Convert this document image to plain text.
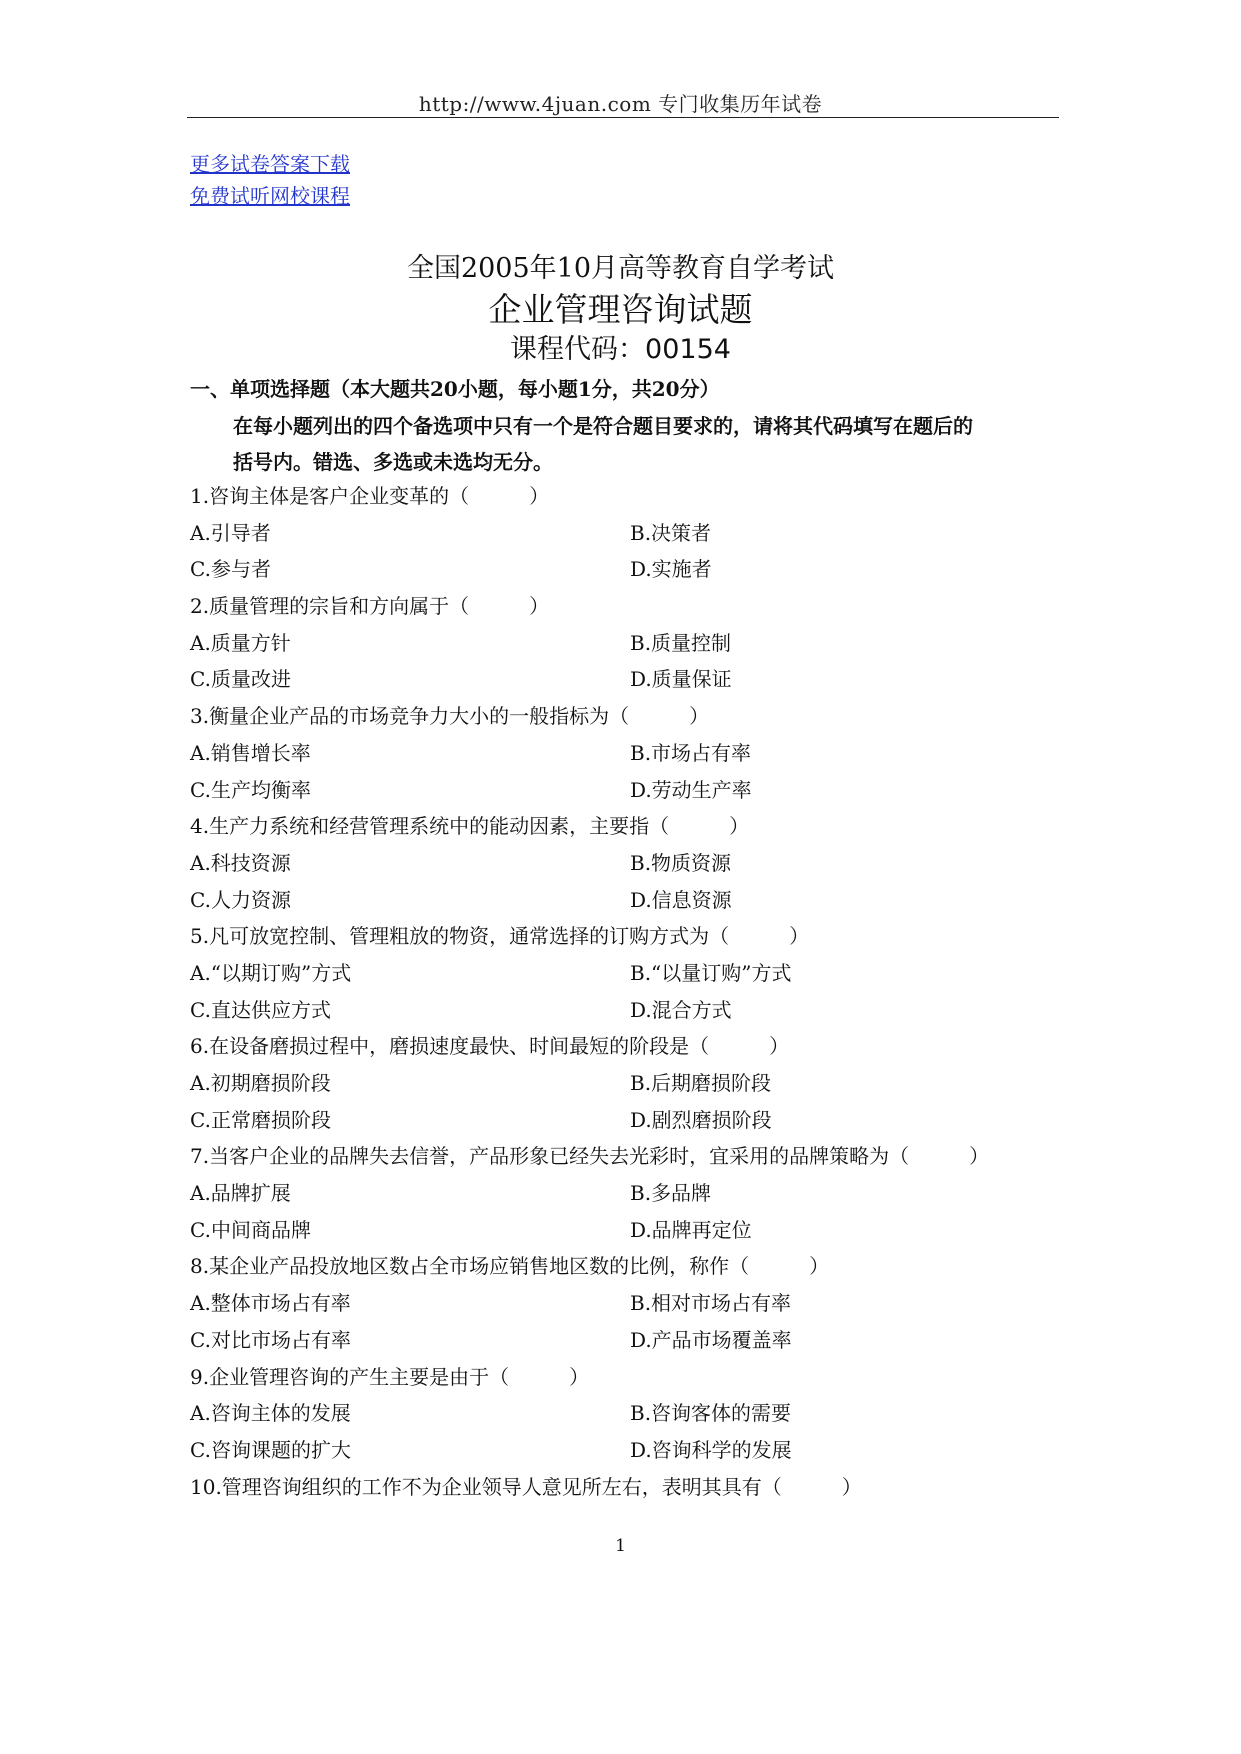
http://www.4juan.com 专门收集历年试卷
更多试卷答案下载
免费试听网校课程
全国2005年10月高等教育自学考试
企业管理咨询试题
课程代码：00154
一、单项选择题（本大题共20小题，每小题1分，共20分）
在每小题列出的四个备选项中只有一个是符合题目要求的，请将其代码填写在题后的
括号内。错选、多选或未选均无分。
1.咨询主体是客户企业变革的（　　　）
A.引导者	B.决策者
C.参与者	D.实施者
2.质量管理的宗旨和方向属于（　　　）
A.质量方针	B.质量控制
C.质量改进	D.质量保证
3.衡量企业产品的市场竞争力大小的一般指标为（　　　）
A.销售增长率	B.市场占有率
C.生产均衡率	D.劳动生产率
4.生产力系统和经营管理系统中的能动因素，主要指（　　　）
A.科技资源	B.物质资源
C.人力资源	D.信息资源
5.凡可放宽控制、管理粗放的物资，通常选择的订购方式为（　　　）
A.“以期订购”方式	B.“以量订购”方式
C.直达供应方式	D.混合方式
6.在设备磨损过程中，磨损速度最快、时间最短的阶段是（　　　）
A.初期磨损阶段	B.后期磨损阶段
C.正常磨损阶段	D.剧烈磨损阶段
7.当客户企业的品牌失去信誉，产品形象已经失去光彩时，宜采用的品牌策略为（　　　）
A.品牌扩展	B.多品牌
C.中间商品牌	D.品牌再定位
8.某企业产品投放地区数占全市场应销售地区数的比例，称作（　　　）
A.整体市场占有率	B.相对市场占有率
C.对比市场占有率	D.产品市场覆盖率
9.企业管理咨询的产生主要是由于（　　　）
A.咨询主体的发展	B.咨询客体的需要
C.咨询课题的扩大	D.咨询科学的发展
10.管理咨询组织的工作不为企业领导人意见所左右，表明其具有（　　　）
1
